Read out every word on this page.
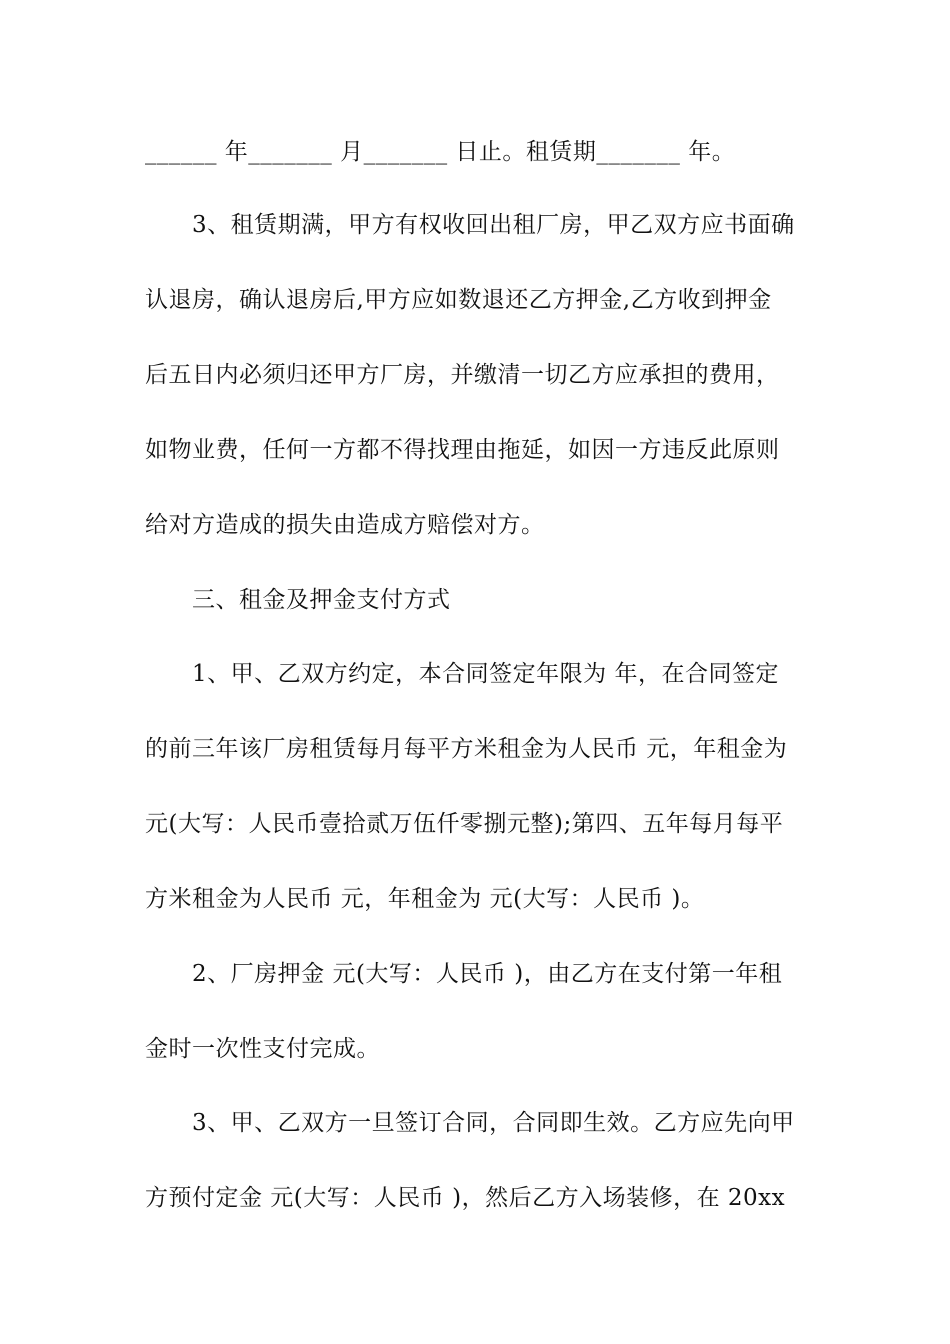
______ 年_______ 月_______ 日止。租赁期_______ 年。
3、租赁期满，甲方有权收回出租厂房，甲乙双方应书面确
认退房，确认退房后,甲方应如数退还乙方押金,乙方收到押金
后五日内必须归还甲方厂房，并缴清一切乙方应承担的费用，
如物业费，任何一方都不得找理由拖延，如因一方违反此原则
给对方造成的损失由造成方赔偿对方。
三、租金及押金支付方式
1、甲、乙双方约定，本合同签定年限为 年，在合同签定
的前三年该厂房租赁每月每平方米租金为人民币 元，年租金为
元(大写：人民币壹拾贰万伍仟零捌元整);第四、五年每月每平
方米租金为人民币 元，年租金为 元(大写：人民币 )。
2、厂房押金 元(大写：人民币 )，由乙方在支付第一年租
金时一次性支付完成。
3、甲、乙双方一旦签订合同，合同即生效。乙方应先向甲
方预付定金 元(大写：人民币 )，然后乙方入场装修，在 20xx
